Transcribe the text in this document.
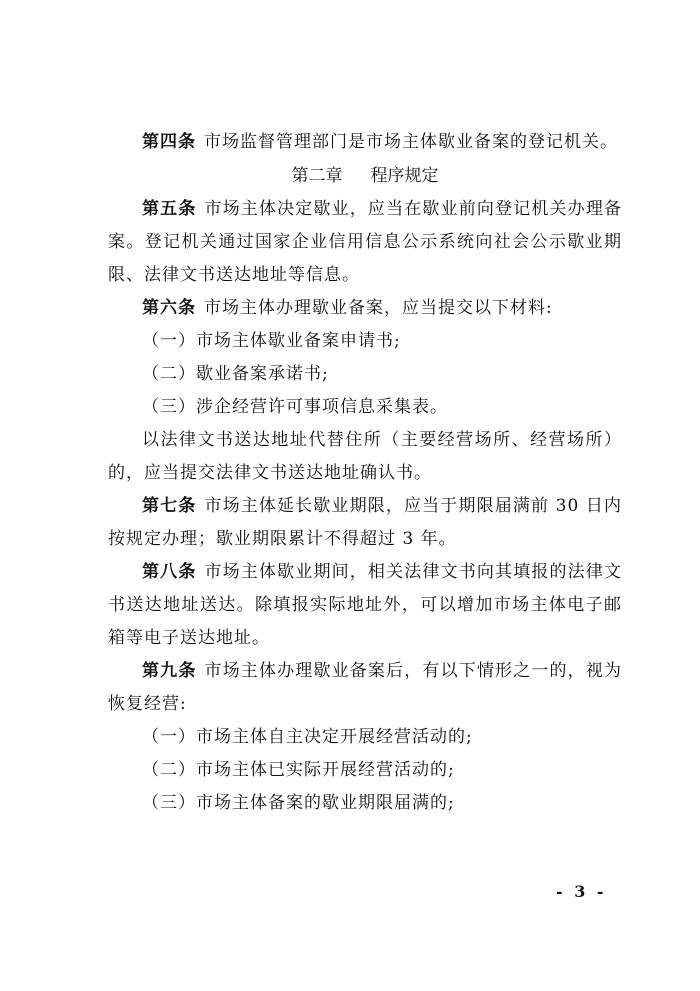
第四条 市场监督管理部门是市场主体歇业备案的登记机关。

第二章 程序规定

第五条 市场主体决定歇业，应当在歇业前向登记机关办理备案。登记机关通过国家企业信用信息公示系统向社会公示歇业期限、法律文书送达地址等信息。

第六条 市场主体办理歇业备案，应当提交以下材料:

（一）市场主体歇业备案申请书;

（二）歇业备案承诺书;

（三）涉企经营许可事项信息采集表。

以法律文书送达地址代替住所（主要经营场所、经营场所）的，应当提交法律文书送达地址确认书。

第七条 市场主体延长歇业期限，应当于期限届满前 30 日内按规定办理；歇业期限累计不得超过 3 年。

第八条 市场主体歇业期间，相关法律文书向其填报的法律文书送达地址送达。除填报实际地址外，可以增加市场主体电子邮箱等电子送达地址。

第九条 市场主体办理歇业备案后，有以下情形之一的，视为恢复经营:

（一）市场主体自主决定开展经营活动的;

（二）市场主体已实际开展经营活动的;

（三）市场主体备案的歇业期限届满的;

- 3 -
